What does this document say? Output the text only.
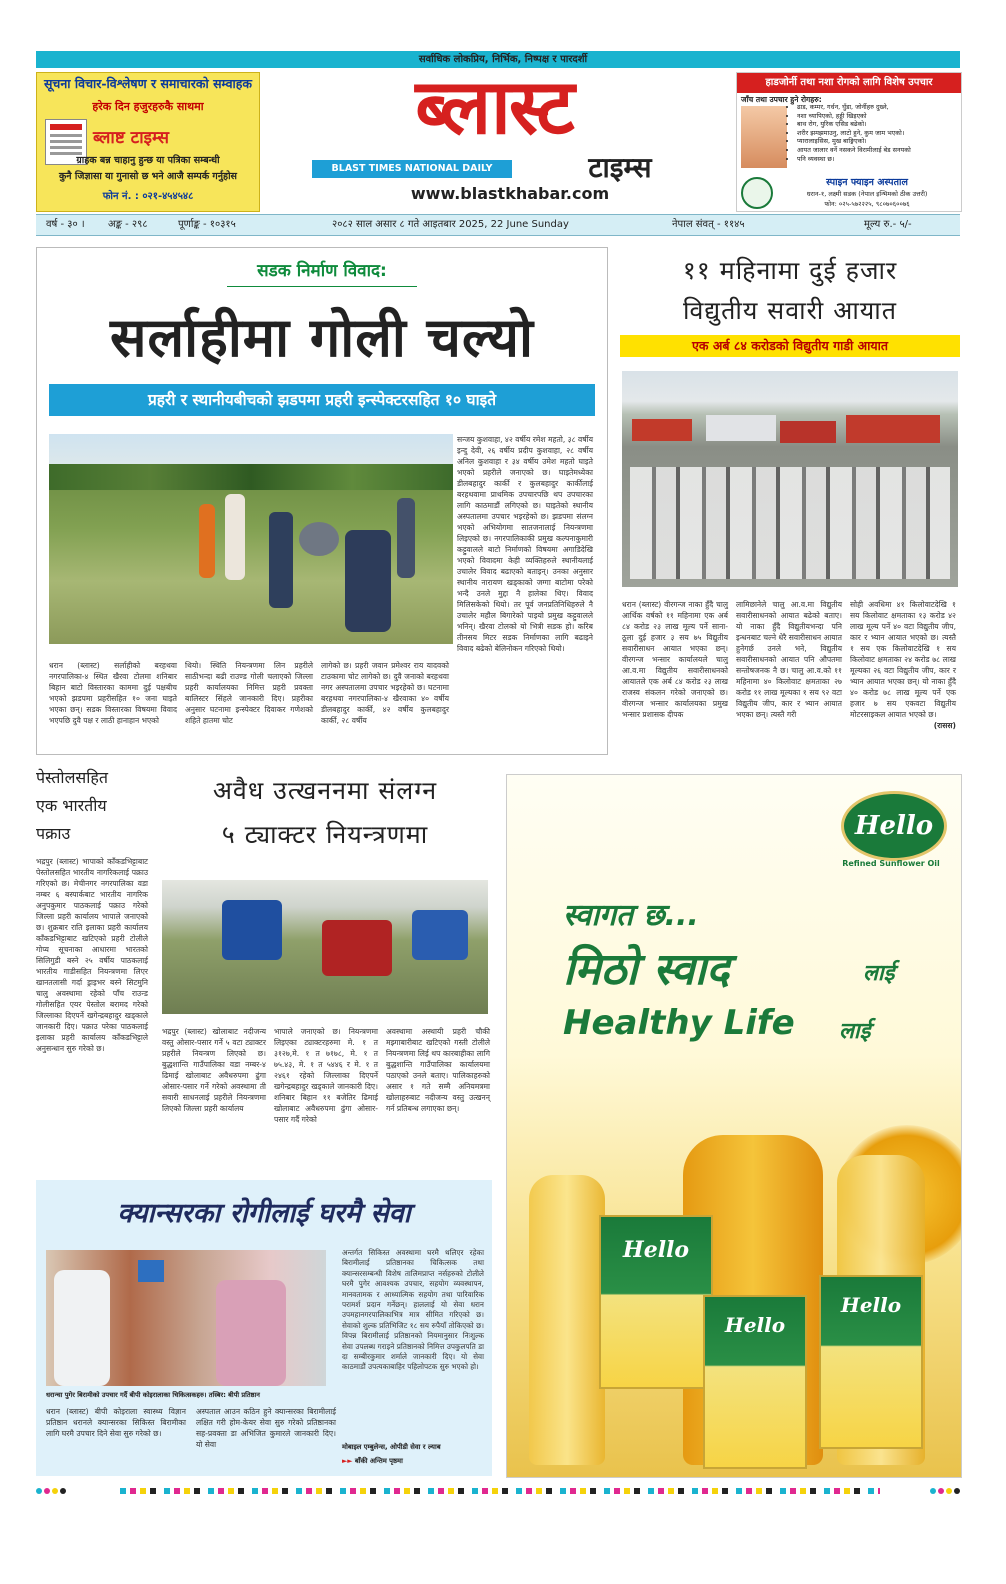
सर्वाधिक लोकप्रिय, निर्भिक, निष्पक्ष र पारदर्शी
सूचना विचार-विश्लेषण र समाचारको सम्वाहक
हरेक दिन हजुरहरुकै साथमा
ब्लाष्ट टाइम्स
ग्राहक बन्न चाहानु हुन्छ या पत्रिका सम्बन्धी
कुनै जिज्ञासा या गुनासो छ भने आजै सम्पर्क गर्नुहोस
फोन नं. : ०२१-४५४५४८
ब्लास्ट
BLAST TIMES NATIONAL DAILY	टाइम्स
www.blastkhabar.com
हाडजोर्नी तथा नशा रोगको लागि विशेष उपचार
जाँच तथा उपचार हुने रोगहरु:
• ढाड, कम्मर, गर्धन, घुँडा, जोर्नीहरु दुख्ने,
• नशा च्यापिएको, हड्डी खिइएको
• बाथ रोग, युरिक एसिड बढेको।
• शरीर झमझमाउनु, लाटो हुने, कुम जाम भएको।
• प्यारालाइसिस, मुख बाङ्गिएको।
• आयत जालार वर्ने नसकने विरामीलाई बेड सनयको
• पनि व्यवस्था छ।
स्पाइन फ्याइन अस्पताल
धरान-१, लक्ष्मी सडक (नेपाल इन्भिमको ठीक उत्तरी)
फोन: ०२५-५७२२२५, ९८०७०६००७६
वर्ष - ३० । अङ्क - २९८	पूर्णाङ्क - १०३१५	२०८२ साल असार ८ गते आइतबार 2025, 22 June Sunday	नेपाल संवत् - ११४५	मूल्य रु.- ५/-
सडक निर्माण विवाद:
सर्लाहीमा गोली चल्यो
प्रहरी र स्थानीयबीचको झडपमा प्रहरी इन्स्पेक्टरसहित १० घाइते

सन्जय कुशवाहा, ४२ वर्षीय रमेश महतो, ३८ वर्षीय इन्दु देवी, २६ वर्षीय प्रदीप कुशवाहा, २८ वर्षीय अनिल कुशवाहा र ३४ वर्षीय उमेश महतो घाइते भएको प्रहरीले जनाएको छ। घाइतेमध्येका डीलबहादुर कार्की र कुलबहादुर कार्कीलाई बरहथवामा प्राथमिक उपचारपछि थप उपचारका लागि काठमाडौं लगिएको छ। घाइतेको स्थानीय अस्पतालमा उपचार भइरहेको छ। झडपमा संलग्न भएको अभियोगमा सातजनालाई नियन्त्रणमा लिइएको छ। नगरपालिकाकी प्रमुख कल्पनाकुमारी कट्टुवालले बाटो निर्माणको विषयमा अगाडिदेखि भएको विवादमा केही व्यक्तिहरुले स्थानीयलाई उचालेर विवाद बढाएको बताइन्। उनका अनुसार स्थानीय नारायण खड्काको जग्गा बाटोमा परेको भन्दै उनले मुद्दा नै हालेका थिए। विवाद मिलिसकेको थियो। तर पूर्व जनप्रतिनिधिहरुले नै उचालेर महौल बिगारेको पाइयो प्रमुख कट्टुवालले भनिन्। खैरवा टोलको यो भित्री सडक हो। करिब तीनसय मिटर सडक निर्माणका लागि बढाइने विवाद बढेको बेलिनोकन गरिएको थियो।

धरान (ब्लास्ट) सर्लाहीको बरहथवा नगरपालिका-४ स्थित खैरवा टोलमा शनिबार बिहान बाटो विस्तारका काममा दुई पक्षबीच भएको झडपमा प्रहरीसहित १० जना घाइते भएका छन्। सडक विस्तारका विषयमा विवाद भएपछि दुवै पक्ष र लाठी हानाहान भएको

थियो। स्थिति नियन्त्रणमा लिन प्रहरीले साठीभन्दा बढी राउण्ड गोली चलाएको जिल्ला प्रहरी कार्यालयका निमित्त प्रहरी प्रवक्ता बालिस्टर सिंहले जानकारी दिए। प्रहरीका अनुसार घटनामा इन्स्पेक्टर दिवाकर गणेशको शहिते हातमा चोट

लागेको छ। प्रहरी जवान प्रमेश्वर राय यादवको टाउकामा चोट लागेको छ। दुवै जनाको बरहथवा नगर अस्पतालमा उपचार भइरहेको छ। घटनामा बरहथवा नगरपालिका-४ खैरवाका ४० वर्षीय डीलबहादुर कार्की, ४२ वर्षीय कुलबहादुर कार्की, २८ वर्षीय

११ महिनामा दुई हजार
विद्युतीय सवारी आयात
एक अर्ब ८४ करोडको विद्युतीय गाडी आयात

धरान (ब्लास्ट) वीरगन्ज नाका हुँदै चालु आर्थिक वर्षको ११ महिनामा एक अर्ब ८४ करोड २३ लाख मूल्य पर्ने साना-ठूला दुई हजार ३ सय ७५ विद्युतीय सवारीसाधन आयात भएका छन्। वीरगन्ज भन्सार कार्यालयले चालु आ.व.मा विद्युतीय सवारीसाधनको आयातले एक अर्ब ८४ करोड २३ लाख राजस्व संकलन गरेको जनाएको छ। वीरगन्ज भन्सार कार्यालयका प्रमुख भन्सार प्रशासक दीपक

लामिछानेले चालु आ.व.मा विद्युतीय सवारीसाधनको आयात बढेको बताए। यो नाका हुँदै विद्युतीयभन्दा पनि इन्धनबाट चल्ने धेरै सवारीसाधन आयात हुनेगर्छ उनले भने, विद्युतीय सवारीसाधनको आयात पनि औपतमा सन्तोषजनक नै छ। चालु आ.व.को ११ महिनामा ४० किलोवाट क्षमताका २७ करोड ११ लाख मूल्यका १ सय ९२ वटा विद्युतीय जीप, कार र भ्यान आयात भएका छन्। त्यस्तै गरी

सोही अवधिमा ४१ किलोवाटदेखि १ सय किलोवाट क्षमताका १३ करोड ४२ लाख मूल्य पर्ने ४० वटा विद्युतीय जीप, कार र भ्यान आयात भएको छ। त्यस्तै १ सय एक किलोवाटदेखि १ सय किलोवाट क्षमताका २४ करोड ७८ लाख मूल्यका २६ वटा विद्युतीय जीप, कार र भ्यान आयात भएका छन्। यो नाका हुँदै ४० करोड ७८ लाख मूल्य पर्ने एक हजार ७ सय एकवटा विद्युतीय मोटरसाइकल आयात भएको छ।

(रासस)

पेस्तोलसहित
एक भारतीय
पक्राउ

भद्रपुर (ब्लास्ट) भापाको काँकडभिट्टाबाट पेस्तोलसहित भारतीय नागरिकलाई पक्राउ गरिएको छ। मेचीनगर नगरपालिका वडा नम्बर ६ बस्पार्कबाट भारतीय नागरिक अनुपकुमार पाठकलाई पक्राउ गरेको जिल्ला प्रहरी कार्यालय भापाले जनाएको छ। शुक्रबार राति इलाका प्रहरी कार्यालय काँकडभिट्टाबाट खटिएको प्रहरी टोलीले गोप्य सूचनाका आधारमा भारतको सिलिगुडी बस्ने २५ वर्षीय पाठकलाई भारतीय गाडीसहित नियन्त्रणमा लिएर खानतलासी गर्दा ड्राइभर बस्ने सिटमुनि चालु अवस्थामा रहेको पाँच राउन्ड गोलीसहित एयर पेस्तोल बरामद गरेको जिल्लाका दिएपर्ने खगेन्द्रबहादुर खड्काले जानकारी दिए। पक्राउ परेका पाठकलाई इलाका प्रहरी कार्यालय काँकडभिट्टाले अनुसन्धान सुरु गरेको छ।

अवैध उत्खननमा संलग्न
५ ट्याक्टर नियन्त्रणमा

भद्रपुर (ब्लास्ट) खोलाबाट नदीजन्य वस्तु ओसार-पसार गर्ने ५ वटा ट्याक्टर प्रहरीले नियन्त्रण लिएको छ। बुद्धशान्ति गाउँपालिका वडा नम्बर-४ ढिमाई खोलाबाट अवैधरुपमा ढुंगा ओसार-पसार गर्ने गरेको अवस्थामा ती सवारी साधनलाई प्रहरीले नियन्त्रणमा लिएको जिल्ला प्रहरी कार्यालय

भापाले जनाएको छ। नियन्त्रणमा लिइएका ट्याक्टरहरुमा मे. १ त ३१२७,मे. १ त ७१७८, मे. १ त ७५.४३, मे. १ त ५४४६ र मे. १ त २४६१ रहेको जिल्लाका दिएपर्ने खगेन्द्रबहादुर खड्काले जानकारी दिए। शनिबार बिहान ११ बजेतिर ढिमाई खोलाबाट अवैधरुपमा ढुंगा ओसार-पसार गर्दै गरेको

अवस्थामा अस्थायी प्रहरी चौकी मझ्गाबारीबाट खटिएको गस्ती टोलीले नियन्त्रणमा लिई थप कारबाहीका लागि बुद्धशान्ति गाउँपालिका कार्यालयमा पठाएको उनले बताए। पालिकाहरुको असार १ गते सम्मै अनियमत्रमा खोलाहरुबाट नदीजन्य वस्तु उत्खनन् गर्न प्रतिबन्ध लगाएका छन्।

क्यान्सरका रोगीलाई घरमै सेवा
धरान्चा पुगेर बिरामीको उपचार गर्दै बीपी कोइरालाका चिकित्सकहरु। तस्बिर: बीपी प्रतिष्ठान

अन्तर्गत सिकिस्त अवस्थामा घरमै थलिएर रहेका बिरामीलाई प्रतिष्ठानका चिकित्सक तथा क्यान्सरसम्बन्धी विशेष तालिमप्राप्त नर्सहरुको टोलीले घरमै पुगेर आवश्यक उपचार, सहयोग व्यवस्थापन, मानवतामक र आध्यात्मिक सहयोग तथा पारिवारिक परामर्श प्रदान गर्नेछन्। हाललाई यो सेवा धरान उपमहानगरपालिकाभित्र मात्र सीमित गरिएको छ। सेवाको शुल्क प्रतिभिजिट १८ सय रुपैयाँ तोकिएको छ। विपन्न बिरामीलाई प्रतिष्ठानको नियमानुसार निःशुल्क सेवा उपलब्ध गराइने प्रतिष्ठानको निमित्त उपकुलपति डा दा सम्बीरकुमार शर्माले जानकारी दिए। यो सेवा काठमाडौं उपत्यकाबाहिर पहिलोपटक सुरु भएको हो।

धरान (ब्लास्ट) बीपी कोइराला स्वास्थ्य विज्ञान प्रतिष्ठान धरानले क्यान्सरका सिकिस्त बिरामीका लागि घरमै उपचार दिने सेवा सुरु गरेको छ।

अस्पताल आउन कठिन हुने क्यान्सरका बिरामीलाई लक्षित गरी होम-केयर सेवा सुरु गरेको प्रतिष्ठानका सह-प्रवक्ता डा अभिजित कुमारले जानकारी दिए। यो सेवा	मोबाइल एम्बुलेन्स, ओपीडी सेवा र ल्याब
►► बाँकी अन्तिम पृष्ठमा
Hello
Refined Sunflower Oil
स्वागत छ...
मिठो स्वाद	लाई
Healthy Life	लाई
Hello
Hello
Hello
